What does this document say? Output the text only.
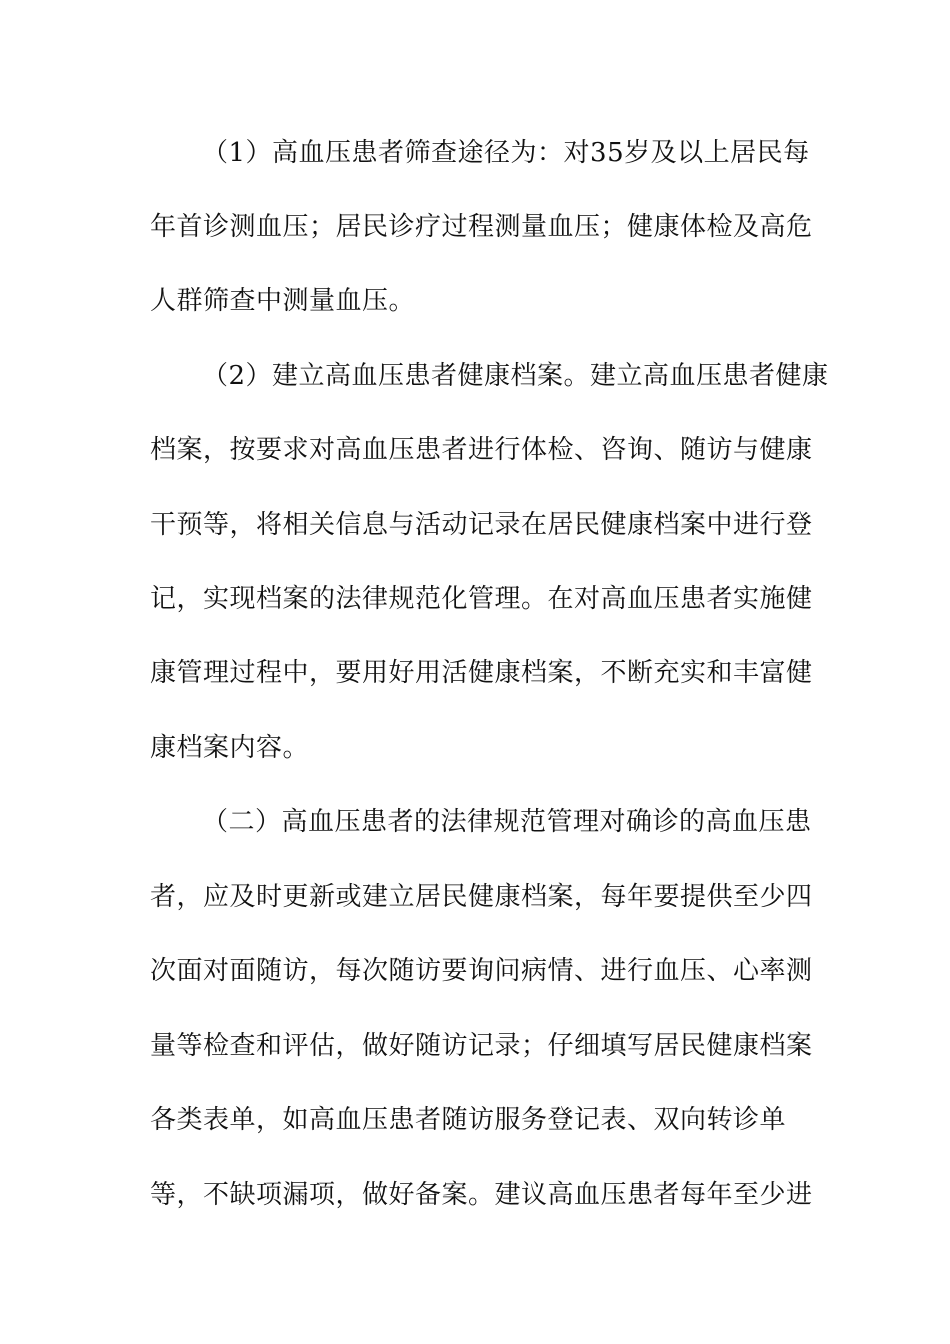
（1）高血压患者筛查途径为：对35岁及以上居民每
年首诊测血压；居民诊疗过程测量血压；健康体检及高危
人群筛查中测量血压。
（2）建立高血压患者健康档案。建立高血压患者健康
档案，按要求对高血压患者进行体检、咨询、随访与健康
干预等，将相关信息与活动记录在居民健康档案中进行登
记，实现档案的法律规范化管理。在对高血压患者实施健
康管理过程中，要用好用活健康档案，不断充实和丰富健
康档案内容。
（二）高血压患者的法律规范管理对确诊的高血压患
者，应及时更新或建立居民健康档案，每年要提供至少四
次面对面随访，每次随访要询问病情、进行血压、心率测
量等检查和评估，做好随访记录；仔细填写居民健康档案
各类表单，如高血压患者随访服务登记表、双向转诊单
等，不缺项漏项，做好备案。建议高血压患者每年至少进
